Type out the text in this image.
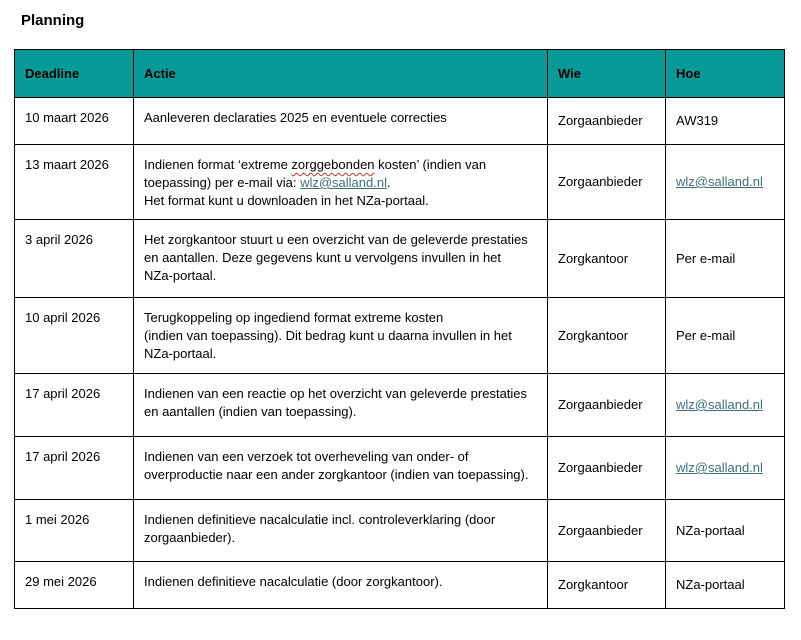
Planning
Deadline	Actie	Wie	Hoe
10 maart 2026	Aanleveren declaraties 2025 en eventuele correcties	Zorgaanbieder	AW319
13 maart 2026	Indienen format ‘extreme zorggebonden kosten’ (indien van
toepassing) per e-mail via: wlz@salland.nl.
Het format kunt u downloaden in het NZa-portaal.	Zorgaanbieder	wlz@salland.nl
3 april 2026	Het zorgkantoor stuurt u een overzicht van de geleverde prestaties
en aantallen. Deze gegevens kunt u vervolgens invullen in het
NZa-portaal.	Zorgkantoor	Per e-mail
10 april 2026	Terugkoppeling op ingediend format extreme kosten
(indien van toepassing). Dit bedrag kunt u daarna invullen in het
NZa-portaal.	Zorgkantoor	Per e-mail
17 april 2026	Indienen van een reactie op het overzicht van geleverde prestaties
en aantallen (indien van toepassing).	Zorgaanbieder	wlz@salland.nl
17 april 2026	Indienen van een verzoek tot overheveling van onder- of
overproductie naar een ander zorgkantoor (indien van toepassing).	Zorgaanbieder	wlz@salland.nl
1 mei 2026	Indienen definitieve nacalculatie incl. controleverklaring (door
zorgaanbieder).	Zorgaanbieder	NZa-portaal
29 mei 2026	Indienen definitieve nacalculatie (door zorgkantoor).	Zorgkantoor	NZa-portaal
